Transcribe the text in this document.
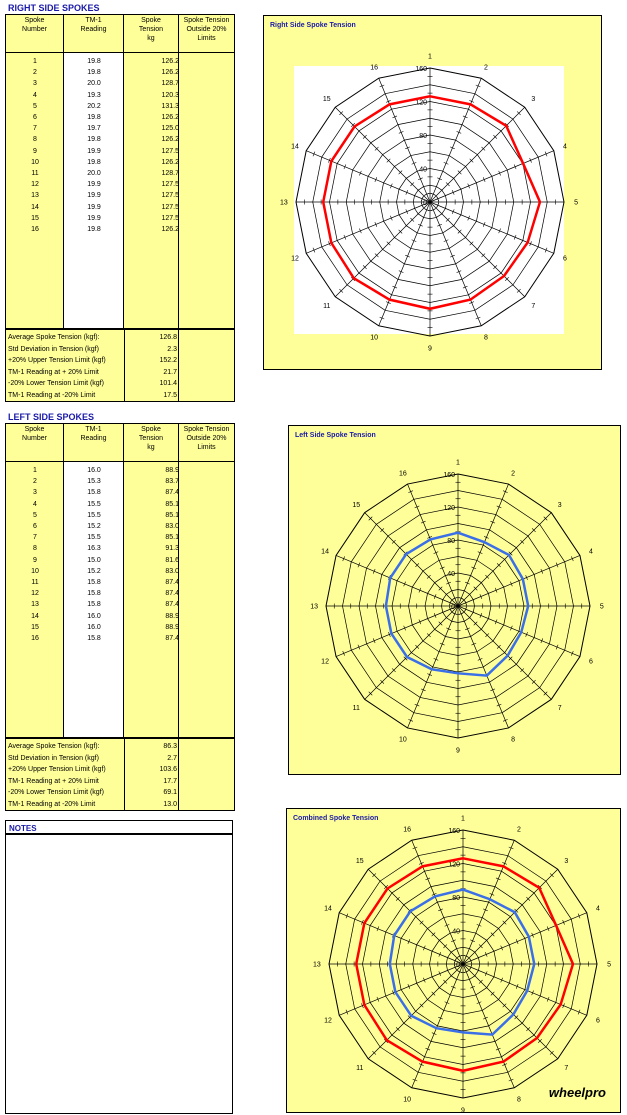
RIGHT SIDE SPOKES
Spoke
Number
TM-1
Reading
Spoke
Tension
kg
Spoke Tension
Outside 20%
Limits
1	19.8	126.2
2	19.8	126.2
3	20.0	128.7
4	19.3	120.3
5	20.2	131.3
6	19.8	126.2
7	19.7	125.0
8	19.8	126.2
9	19.9	127.5
10	19.8	126.2
11	20.0	128.7
12	19.9	127.5
13	19.9	127.5
14	19.9	127.5
15	19.9	127.5
16	19.8	126.2
Average Spoke Tension (kgf):	126.8
Std Deviation in Tension (kgf)	2.3
+20% Upper Tension Limit (kgf)	152.2
TM-1 Reading at + 20% Limit	21.7
-20% Lower Tension Limit (kgf)	101.4
TM-1 Reading at -20% Limit	17.5
LEFT SIDE SPOKES
Spoke
Number
TM-1
Reading
Spoke
Tension
kg
Spoke Tension
Outside 20%
Limits
1	16.0	88.9
2	15.3	83.7
3	15.8	87.4
4	15.5	85.1
5	15.5	85.1
6	15.2	83.0
7	15.5	85.1
8	16.3	91.3
9	15.0	81.6
10	15.2	83.0
11	15.8	87.4
12	15.8	87.4
13	15.8	87.4
14	16.0	88.9
15	16.0	88.9
16	15.8	87.4
Average Spoke Tension (kgf):	86.3
Std Deviation in Tension (kgf)	2.7
+20% Upper Tension Limit (kgf)	103.6
TM-1 Reading at + 20% Limit	17.7
-20% Lower Tension Limit (kgf)	69.1
TM-1 Reading at -20% Limit	13.0
NOTES
Right Side Spoke Tension
1
2
3
4
5
6
7
8
9
10
11
12
13
14
15
16
0
40
80
120
160
Left Side Spoke Tension
1
2
3
4
5
6
7
8
9
10
11
12
13
14
15
16
0
40
80
120
160
Combined Spoke Tension	1
2
3
4
5
6
7
8
9
10
11
12
13
14
15
16
0
40
80
120
160
wheelpro
